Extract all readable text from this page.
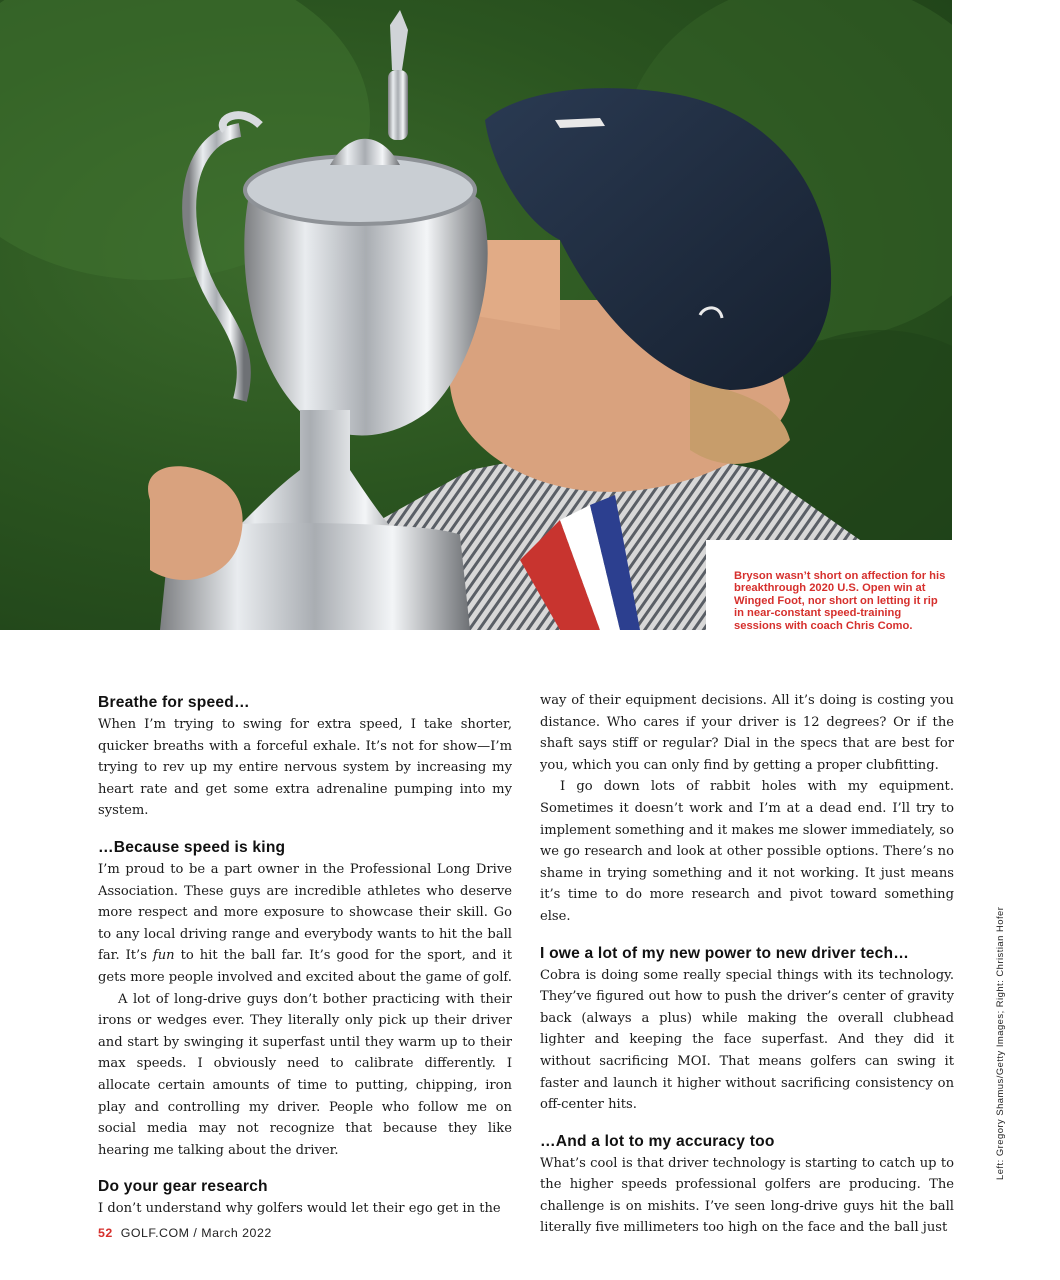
Bryson wasn’t short on affection for his breakthrough 2020 U.S. Open win at Winged Foot, nor short on letting it rip in near-constant speed-training sessions with coach Chris Como.

Breathe for speed…

When I’m trying to swing for extra speed, I take shorter, quicker breaths with a forceful exhale. It’s not for show—I’m trying to rev up my entire nervous system by increasing my heart rate and get some extra adrenaline pumping into my system.

…Because speed is king

I’m proud to be a part owner in the Professional Long Drive Association. These guys are incredible athletes who deserve more respect and more exposure to showcase their skill. Go to any local driving range and everybody wants to hit the ball far. It’s fun to hit the ball far. It’s good for the sport, and it gets more people involved and excited about the game of golf.

A lot of long-drive guys don’t bother practicing with their irons or wedges ever. They literally only pick up their driver and start by swinging it superfast until they warm up to their max speeds. I obviously need to calibrate differently. I allocate certain amounts of time to putting, chipping, iron play and controlling my driver. People who follow me on social media may not recognize that because they like hearing me talking about the driver.

Do your gear research

I don’t understand why golfers would let their ego get in the

way of their equipment decisions. All it’s doing is costing you distance. Who cares if your driver is 12 degrees? Or if the shaft says stiff or regular? Dial in the specs that are best for you, which you can only find by getting a proper clubfitting.

I go down lots of rabbit holes with my equipment. Sometimes it doesn’t work and I’m at a dead end. I’ll try to implement something and it makes me slower immediately, so we go research and look at other possible options. There’s no shame in trying something and it not working. It just means it’s time to do more research and pivot toward something else.

I owe a lot of my new power to new driver tech…

Cobra is doing some really special things with its technology. They’ve figured out how to push the driver’s center of gravity back (always a plus) while making the overall clubhead lighter and keeping the face superfast. And they did it without sacrificing MOI. That means golfers can swing it faster and launch it higher without sacrificing consistency on off-center hits.

…And a lot to my accuracy too

What’s cool is that driver technology is starting to catch up to the higher speeds professional golfers are producing. The challenge is on mishits. I’ve seen long-drive guys hit the ball literally five millimeters too high on the face and the ball just

Left: Gregory Shamus/Getty Images; Right: Christian Hofer
52 GOLF.COM / March 2022
